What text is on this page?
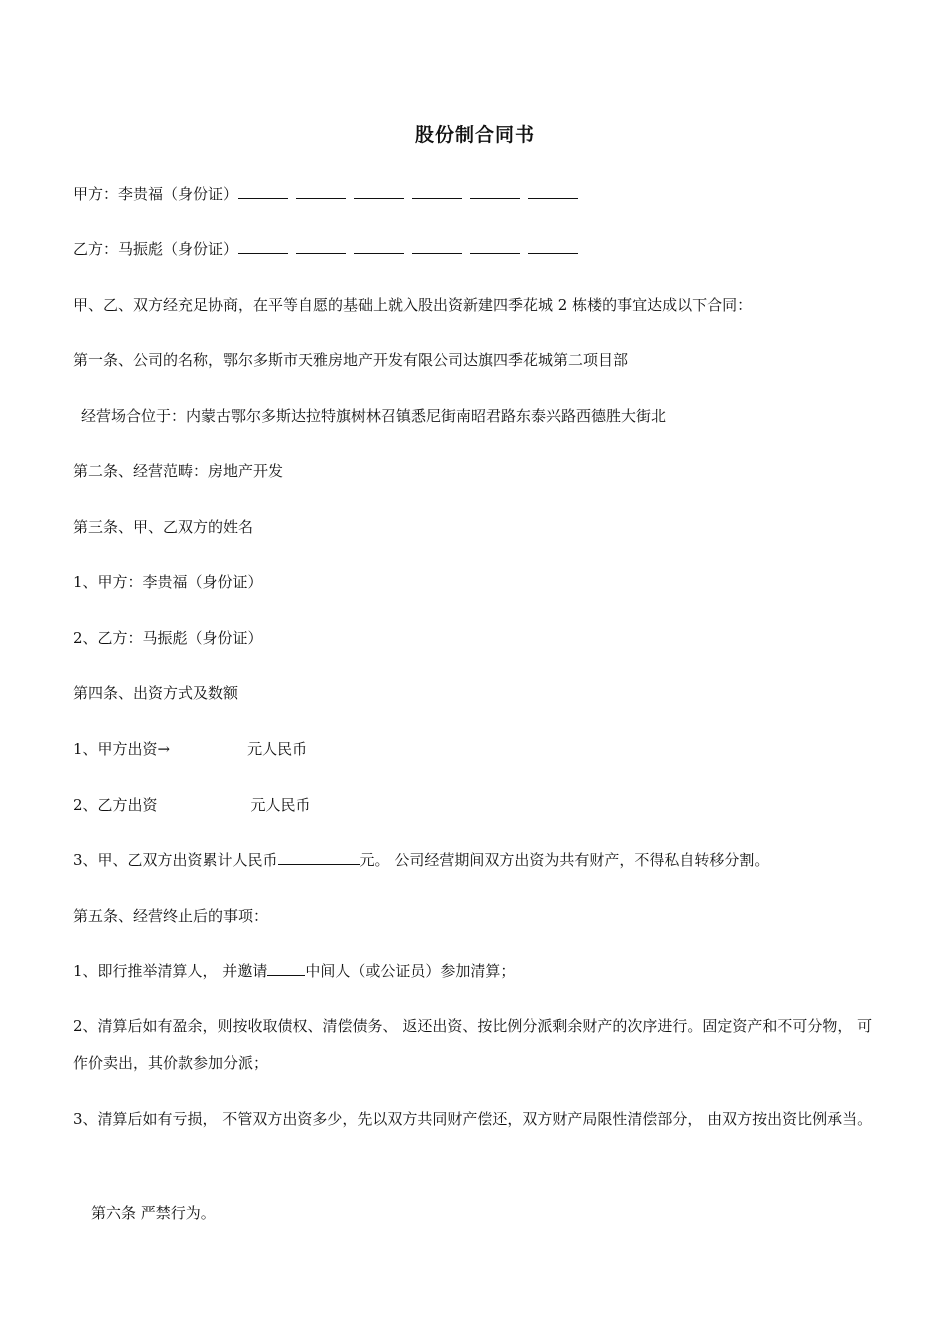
股份制合同书
甲方：李贵福（身份证）
乙方：马振彪（身份证）
甲、乙、双方经充足协商，在平等自愿的基础上就入股出资新建四季花城 2 栋楼的事宜达成以下合同：
第一条、公司的名称，鄂尔多斯市天雅房地产开发有限公司达旗四季花城第二项目部
经营场合位于：内蒙古鄂尔多斯达拉特旗树林召镇悉尼街南昭君路东泰兴路西德胜大街北
第二条、经营范畴：房地产开发
第三条、甲、乙双方的姓名
1、甲方：李贵福（身份证）
2、乙方：马振彪（身份证）
第四条、出资方式及数额
1、甲方出资→	元人民币
2、乙方出资	元人民币
3、甲、乙双方出资累计人民币	元。 公司经营期间双方出资为共有财产，不得私自转移分割。
第五条、经营终止后的事项：
1、即行推举清算人， 并邀请	中间人（或公证员）参加清算；
2、清算后如有盈余，则按收取债权、清偿债务、 返还出资、按比例分派剩余财产的次序进行。固定资产和不可分物， 可作价卖出，其价款参加分派；
3、清算后如有亏损， 不管双方出资多少，先以双方共同财产偿还，双方财产局限性清偿部分， 由双方按出资比例承当。
第六条 严禁行为。
